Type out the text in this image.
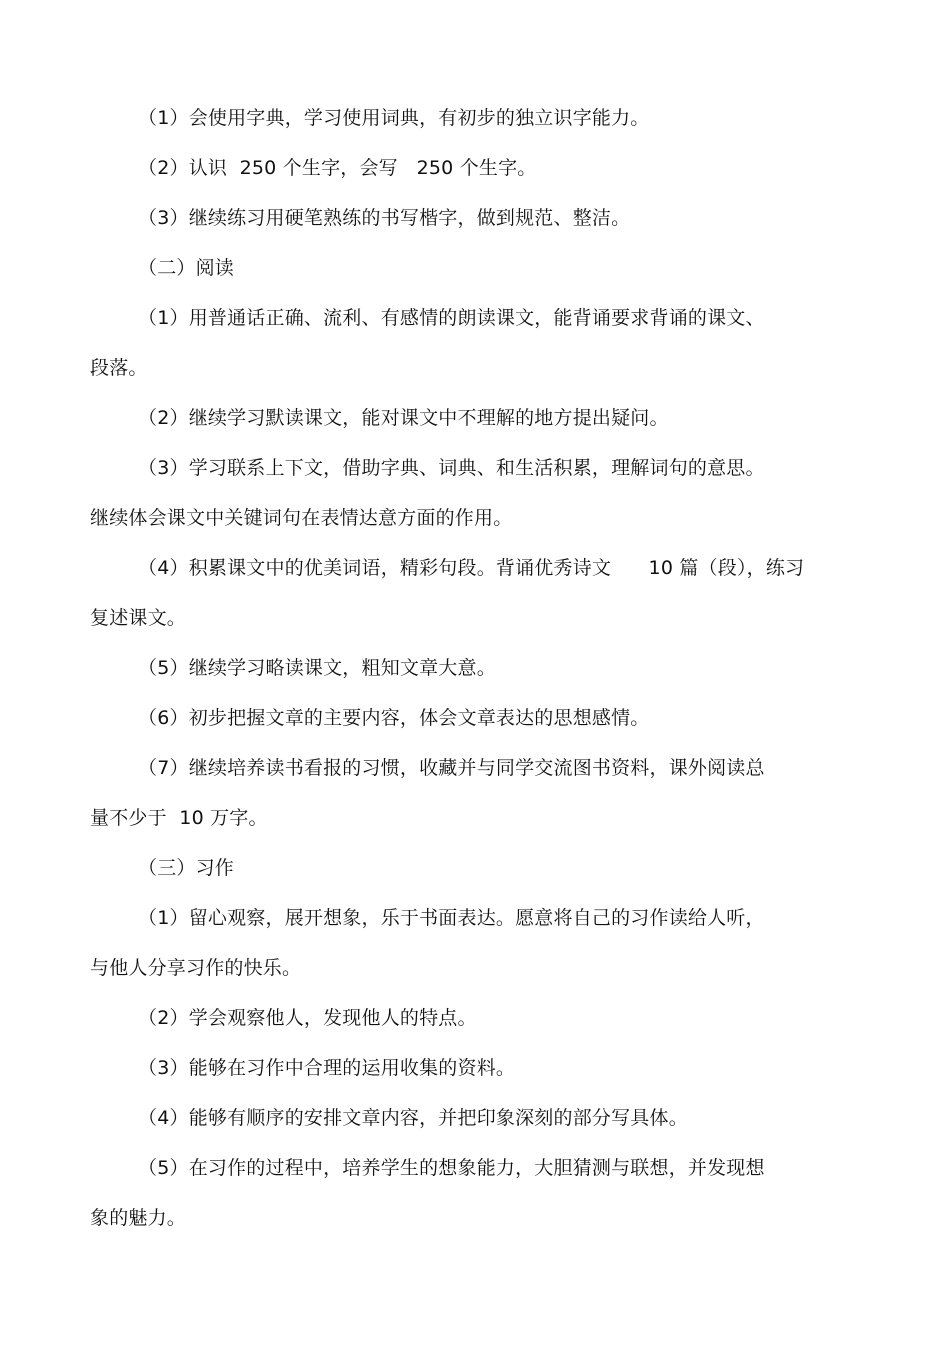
（1）会使用字典，学习使用词典，有初步的独立识字能力。
（2）认识  250 个生字，会写   250 个生字。
（3）继续练习用硬笔熟练的书写楷字，做到规范、整洁。
（二）阅读
（1）用普通话正确、流利、有感情的朗读课文，能背诵要求背诵的课文、
段落。
（2）继续学习默读课文，能对课文中不理解的地方提出疑问。
（3）学习联系上下文，借助字典、词典、和生活积累，理解词句的意思。
继续体会课文中关键词句在表情达意方面的作用。
（4）积累课文中的优美词语，精彩句段。背诵优秀诗文      10 篇（段），练习
复述课文。
（5）继续学习略读课文，粗知文章大意。
（6）初步把握文章的主要内容，体会文章表达的思想感情。
（7）继续培养读书看报的习惯，收藏并与同学交流图书资料，课外阅读总
量不少于  10 万字。
（三）习作
（1）留心观察，展开想象，乐于书面表达。愿意将自己的习作读给人听，
与他人分享习作的快乐。
（2）学会观察他人，发现他人的特点。
（3）能够在习作中合理的运用收集的资料。
（4）能够有顺序的安排文章内容，并把印象深刻的部分写具体。
（5）在习作的过程中，培养学生的想象能力，大胆猜测与联想，并发现想
象的魅力。
